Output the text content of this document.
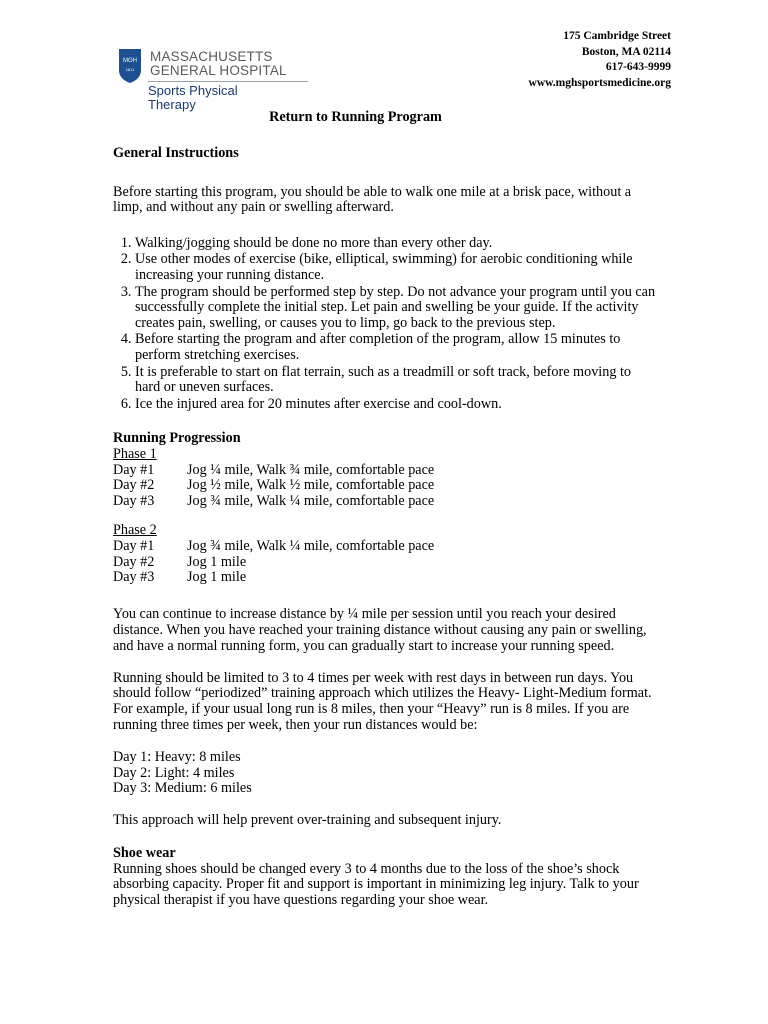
MGH
1811
MASSACHUSETTS
GENERAL HOSPITAL
Sports Physical Therapy
175 Cambridge Street
Boston, MA 02114
617-643-9999
www.mghsportsmedicine.org

Return to Running Program

General Instructions

Before starting this program, you should be able to walk one mile at a brisk pace, without a limp, and without any pain or swelling afterward.

1. Walking/jogging should be done no more than every other day.
2. Use other modes of exercise (bike, elliptical, swimming) for aerobic conditioning while increasing your running distance.
3. The program should be performed step by step. Do not advance your program until you can successfully complete the initial step. Let pain and swelling be your guide. If the activity creates pain, swelling, or causes you to limp, go back to the previous step.
4. Before starting the program and after completion of the program, allow 15 minutes to perform stretching exercises.
5. It is preferable to start on flat terrain, such as a treadmill or soft track, before moving to hard or uneven surfaces.
6. Ice the injured area for 20 minutes after exercise and cool-down.

Running Progression

Phase 1

Day #1	Jog ¼ mile, Walk ¾ mile, comfortable pace
Day #2	Jog ½ mile, Walk ½ mile, comfortable pace
Day #3	Jog ¾ mile, Walk ¼ mile, comfortable pace

Phase 2

Day #1	Jog ¾ mile, Walk ¼ mile, comfortable pace
Day #2	Jog 1 mile
Day #3	Jog 1 mile

You can continue to increase distance by ¼ mile per session until you reach your desired distance. When you have reached your training distance without causing any pain or swelling, and have a normal running form, you can gradually start to increase your running speed.

Running should be limited to 3 to 4 times per week with rest days in between run days. You should follow “periodized” training approach which utilizes the Heavy- Light-Medium format. For example, if your usual long run is 8 miles, then your “Heavy” run is 8 miles. If you are running three times per week, then your run distances would be:

Day 1: Heavy: 8 miles

Day 2: Light: 4 miles

Day 3: Medium: 6 miles

This approach will help prevent over-training and subsequent injury.

Shoe wear

Running shoes should be changed every 3 to 4 months due to the loss of the shoe’s shock absorbing capacity. Proper fit and support is important in minimizing leg injury. Talk to your physical therapist if you have questions regarding your shoe wear.
